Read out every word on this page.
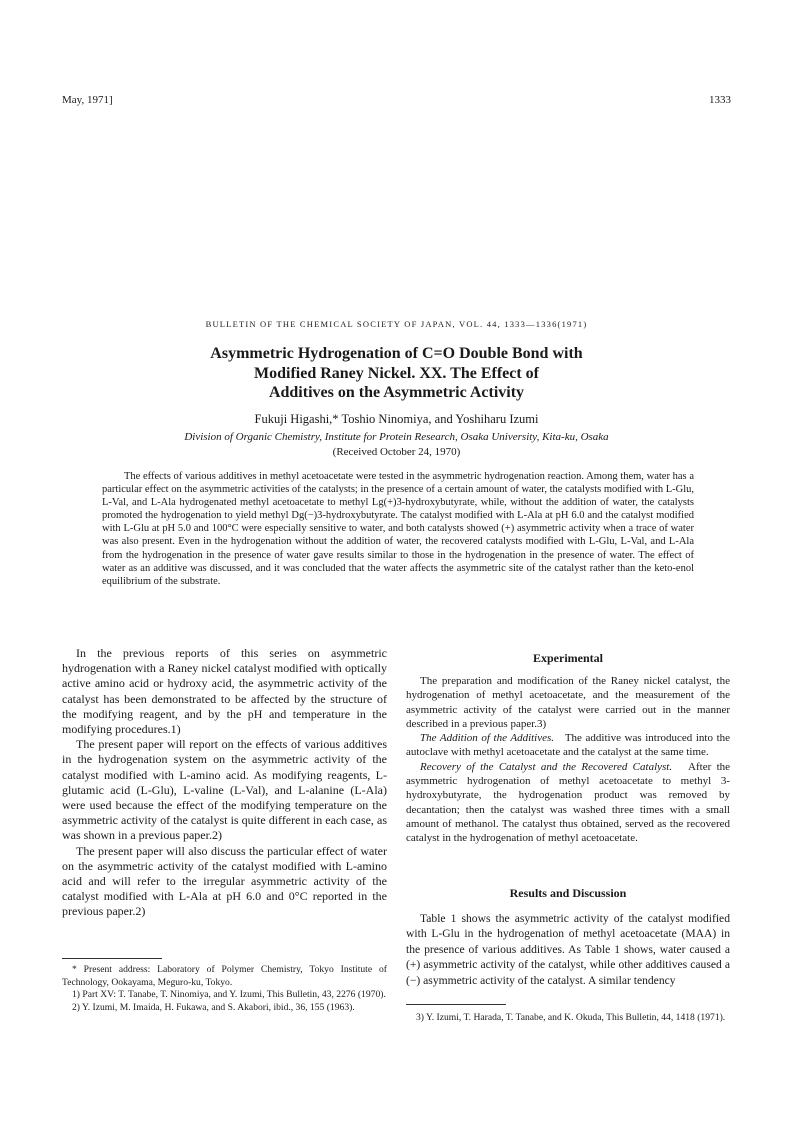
May, 1971]	1333
BULLETIN OF THE CHEMICAL SOCIETY OF JAPAN, VOL. 44, 1333—1336(1971)
Asymmetric Hydrogenation of C=O Double Bond with
Modified Raney Nickel. XX. The Effect of
Additives on the Asymmetric Activity
Fukuji Higashi,* Toshio Ninomiya, and Yoshiharu Izumi
Division of Organic Chemistry, Institute for Protein Research, Osaka University, Kita-ku, Osaka
(Received October 24, 1970)

The effects of various additives in methyl acetoacetate were tested in the asymmetric hydrogenation reaction. Among them, water has a particular effect on the asymmetric activities of the catalysts; in the presence of a certain amount of water, the catalysts modified with L-Glu, L-Val, and L-Ala hydrogenated methyl acetoacetate to methyl Lg(+)3-hydroxybutyrate, while, without the addition of water, the catalysts promoted the hydrogenation to yield methyl Dg(−)3-hydroxybutyrate. The catalyst modified with L-Ala at pH 6.0 and the catalyst modified with L-Glu at pH 5.0 and 100°C were especially sensitive to water, and both catalysts showed (+) asymmetric activity when a trace of water was also present. Even in the hydrogenation without the addition of water, the recovered catalysts modified with L-Glu, L-Val, and L-Ala from the hydrogenation in the presence of water gave results similar to those in the hydrogenation in the presence of water. The effect of water as an additive was discussed, and it was concluded that the water affects the asymmetric site of the catalyst rather than the keto-enol equilibrium of the substrate.

In the previous reports of this series on asymmetric hydrogenation with a Raney nickel catalyst modified with optically active amino acid or hydroxy acid, the asymmetric activity of the catalyst has been demonstrated to be affected by the structure of the modifying reagent, and by the pH and temperature in the modifying procedures.1)

The present paper will report on the effects of various additives in the hydrogenation system on the asymmetric activity of the catalyst modified with L-amino acid. As modifying reagents, L-glutamic acid (L-Glu), L-valine (L-Val), and L-alanine (L-Ala) were used because the effect of the modifying temperature on the asymmetric activity of the catalyst is quite different in each case, as was shown in a previous paper.2)

The present paper will also discuss the particular effect of water on the asymmetric activity of the catalyst modified with L-amino acid and will refer to the irregular asymmetric activity of the catalyst modified with L-Ala at pH 6.0 and 0°C reported in the previous paper.2)

* Present address: Laboratory of Polymer Chemistry, Tokyo Institute of Technology, Ookayama, Meguro-ku, Tokyo.

1) Part XV: T. Tanabe, T. Ninomiya, and Y. Izumi, This Bulletin, 43, 2276 (1970).

2) Y. Izumi, M. Imaida, H. Fukawa, and S. Akabori, ibid., 36, 155 (1963).

Experimental

The preparation and modification of the Raney nickel catalyst, the hydrogenation of methyl acetoacetate, and the measurement of the asymmetric activity of the catalyst were carried out in the manner described in a previous paper.3)

The Addition of the Additives. The additive was introduced into the autoclave with methyl acetoacetate and the catalyst at the same time.

Recovery of the Catalyst and the Recovered Catalyst. After the asymmetric hydrogenation of methyl acetoacetate to methyl 3-hydroxybutyrate, the hydrogenation product was removed by decantation; then the catalyst was washed three times with a small amount of methanol. The catalyst thus obtained, served as the recovered catalyst in the hydrogenation of methyl acetoacetate.

Results and Discussion

Table 1 shows the asymmetric activity of the catalyst modified with L-Glu in the hydrogenation of methyl acetoacetate (MAA) in the presence of various additives. As Table 1 shows, water caused a (+) asymmetric activity of the catalyst, while other additives caused a (−) asymmetric activity of the catalyst. A similar tendency

3) Y. Izumi, T. Harada, T. Tanabe, and K. Okuda, This Bulletin, 44, 1418 (1971).
